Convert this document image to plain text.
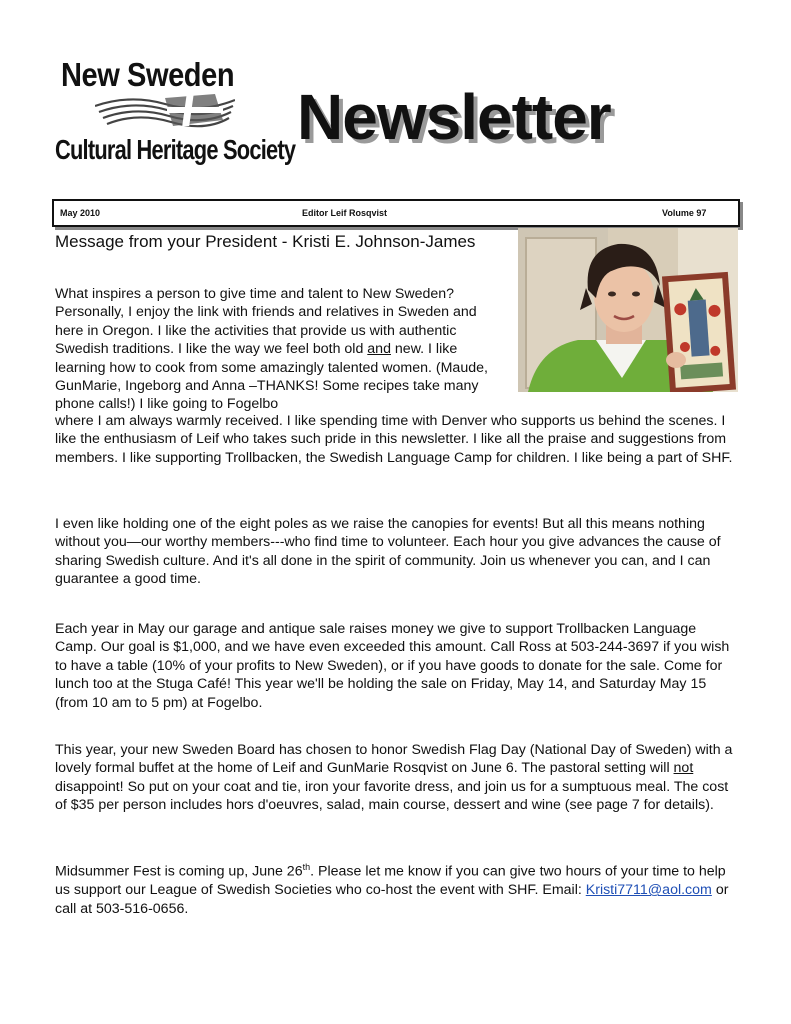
New Sweden
Cultural Heritage Society Newsletter
May 2010	Editor Leif Rosqvist	Volume 97
Message from your President - Kristi E. Johnson-James
What inspires a person to give time and talent to New Sweden? Personally, I enjoy the link with friends and relatives in Sweden and here in Oregon. I like the activities that provide us with authentic Swedish traditions. I like the way we feel both old and new. I like learning how to cook from some amazingly talented women. (Maude, GunMarie, Ingeborg and Anna –THANKS! Some recipes take many phone calls!) I like going to Fogelbo
where I am always warmly received. I like spending time with Denver who supports us behind the scenes. I like the enthusiasm of Leif who takes such pride in this newsletter. I like all the praise and suggestions from members. I like supporting Trollbacken, the Swedish Language Camp for children. I like being a part of SHF.
I even like holding one of the eight poles as we raise the canopies for events! But all this means nothing without you—our worthy members---who find time to volunteer. Each hour you give advances the cause of sharing Swedish culture. And it's all done in the spirit of community. Join us whenever you can, and I can guarantee a good time.
Each year in May our garage and antique sale raises money we give to support Trollbacken Language Camp. Our goal is $1,000, and we have even exceeded this amount. Call Ross at 503-244-3697 if you wish to have a table (10% of your profits to New Sweden), or if you have goods to donate for the sale. Come for lunch too at the Stuga Café! This year we'll be holding the sale on Friday, May 14, and Saturday May 15 (from 10 am to 5 pm) at Fogelbo.
This year, your new Sweden Board has chosen to honor Swedish Flag Day (National Day of Sweden) with a lovely formal buffet at the home of Leif and GunMarie Rosqvist on June 6. The pastoral setting will not disappoint! So put on your coat and tie, iron your favorite dress, and join us for a sumptuous meal. The cost of $35 per person includes hors d'oeuvres, salad, main course, dessert and wine (see page 7 for details).
Midsummer Fest is coming up, June 26th. Please let me know if you can give two hours of your time to help us support our League of Swedish Societies who co-host the event with SHF. Email: Kristi7711@aol.com or call at 503-516-0656.
